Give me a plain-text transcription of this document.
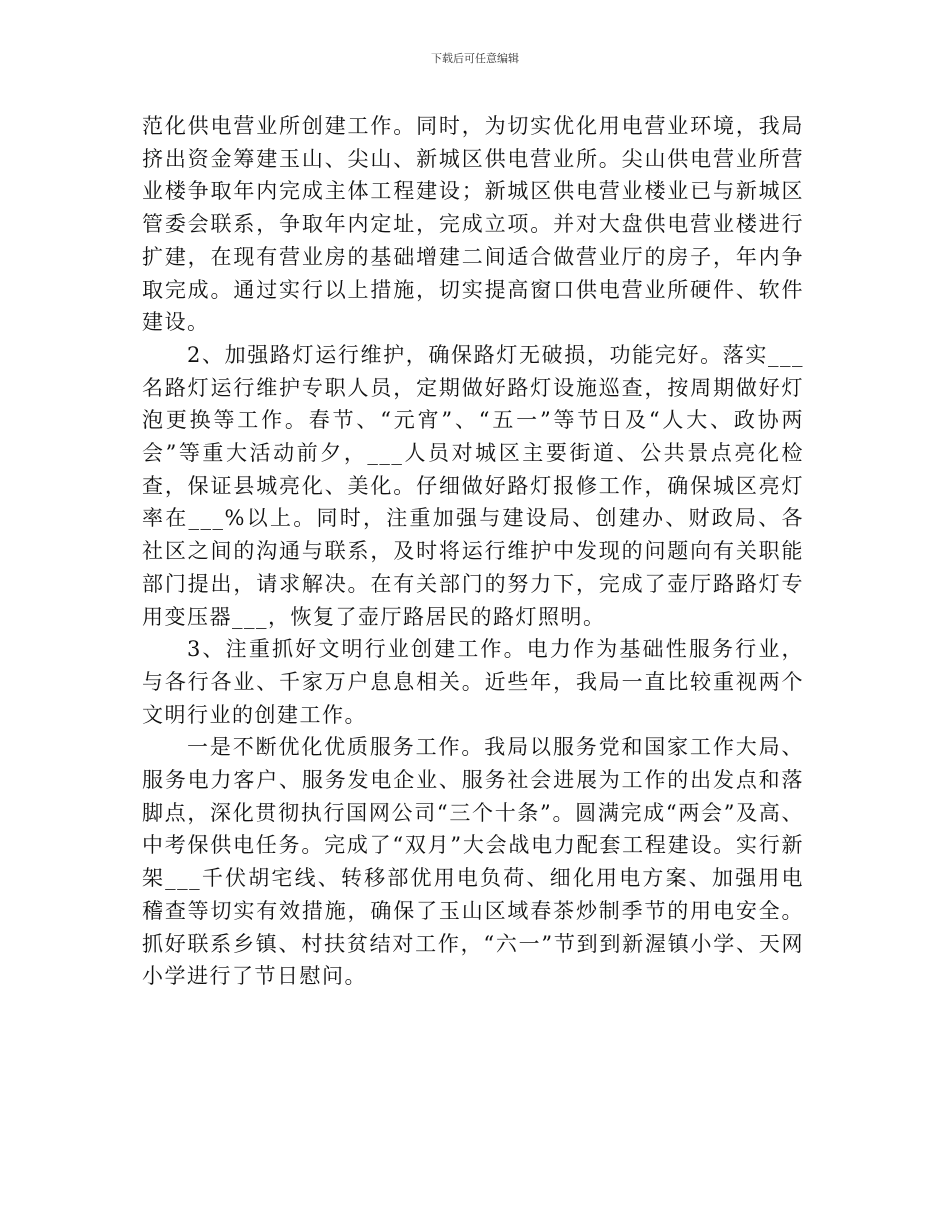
下载后可任意编辑

范化供电营业所创建工作。同时，为切实优化用电营业环境，我局挤出资金筹建玉山、尖山、新城区供电营业所。尖山供电营业所营业楼争取年内完成主体工程建设；新城区供电营业楼业已与新城区管委会联系，争取年内定址，完成立项。并对大盘供电营业楼进行扩建，在现有营业房的基础增建二间适合做营业厅的房子，年内争取完成。通过实行以上措施，切实提高窗口供电营业所硬件、软件建设。

2、加强路灯运行维护，确保路灯无破损，功能完好。落实___名路灯运行维护专职人员，定期做好路灯设施巡查，按周期做好灯泡更换等工作。春节、“元宵”、“五一”等节日及“人大、政协两会”等重大活动前夕，___人员对城区主要街道、公共景点亮化检查，保证县城亮化、美化。仔细做好路灯报修工作，确保城区亮灯率在___%以上。同时，注重加强与建设局、创建办、财政局、各社区之间的沟通与联系，及时将运行维护中发现的问题向有关职能部门提出，请求解决。在有关部门的努力下，完成了壶厅路路灯专用变压器___，恢复了壶厅路居民的路灯照明。

3、注重抓好文明行业创建工作。电力作为基础性服务行业，与各行各业、千家万户息息相关。近些年，我局一直比较重视两个文明行业的创建工作。

一是不断优化优质服务工作。我局以服务党和国家工作大局、服务电力客户、服务发电企业、服务社会进展为工作的出发点和落脚点，深化贯彻执行国网公司“三个十条”。圆满完成“两会”及高、中考保供电任务。完成了“双月”大会战电力配套工程建设。实行新架___千伏胡宅线、转移部优用电负荷、细化用电方案、加强用电稽查等切实有效措施，确保了玉山区域春茶炒制季节的用电安全。抓好联系乡镇、村扶贫结对工作，“六一”节到到新渥镇小学、天网小学进行了节日慰问。
